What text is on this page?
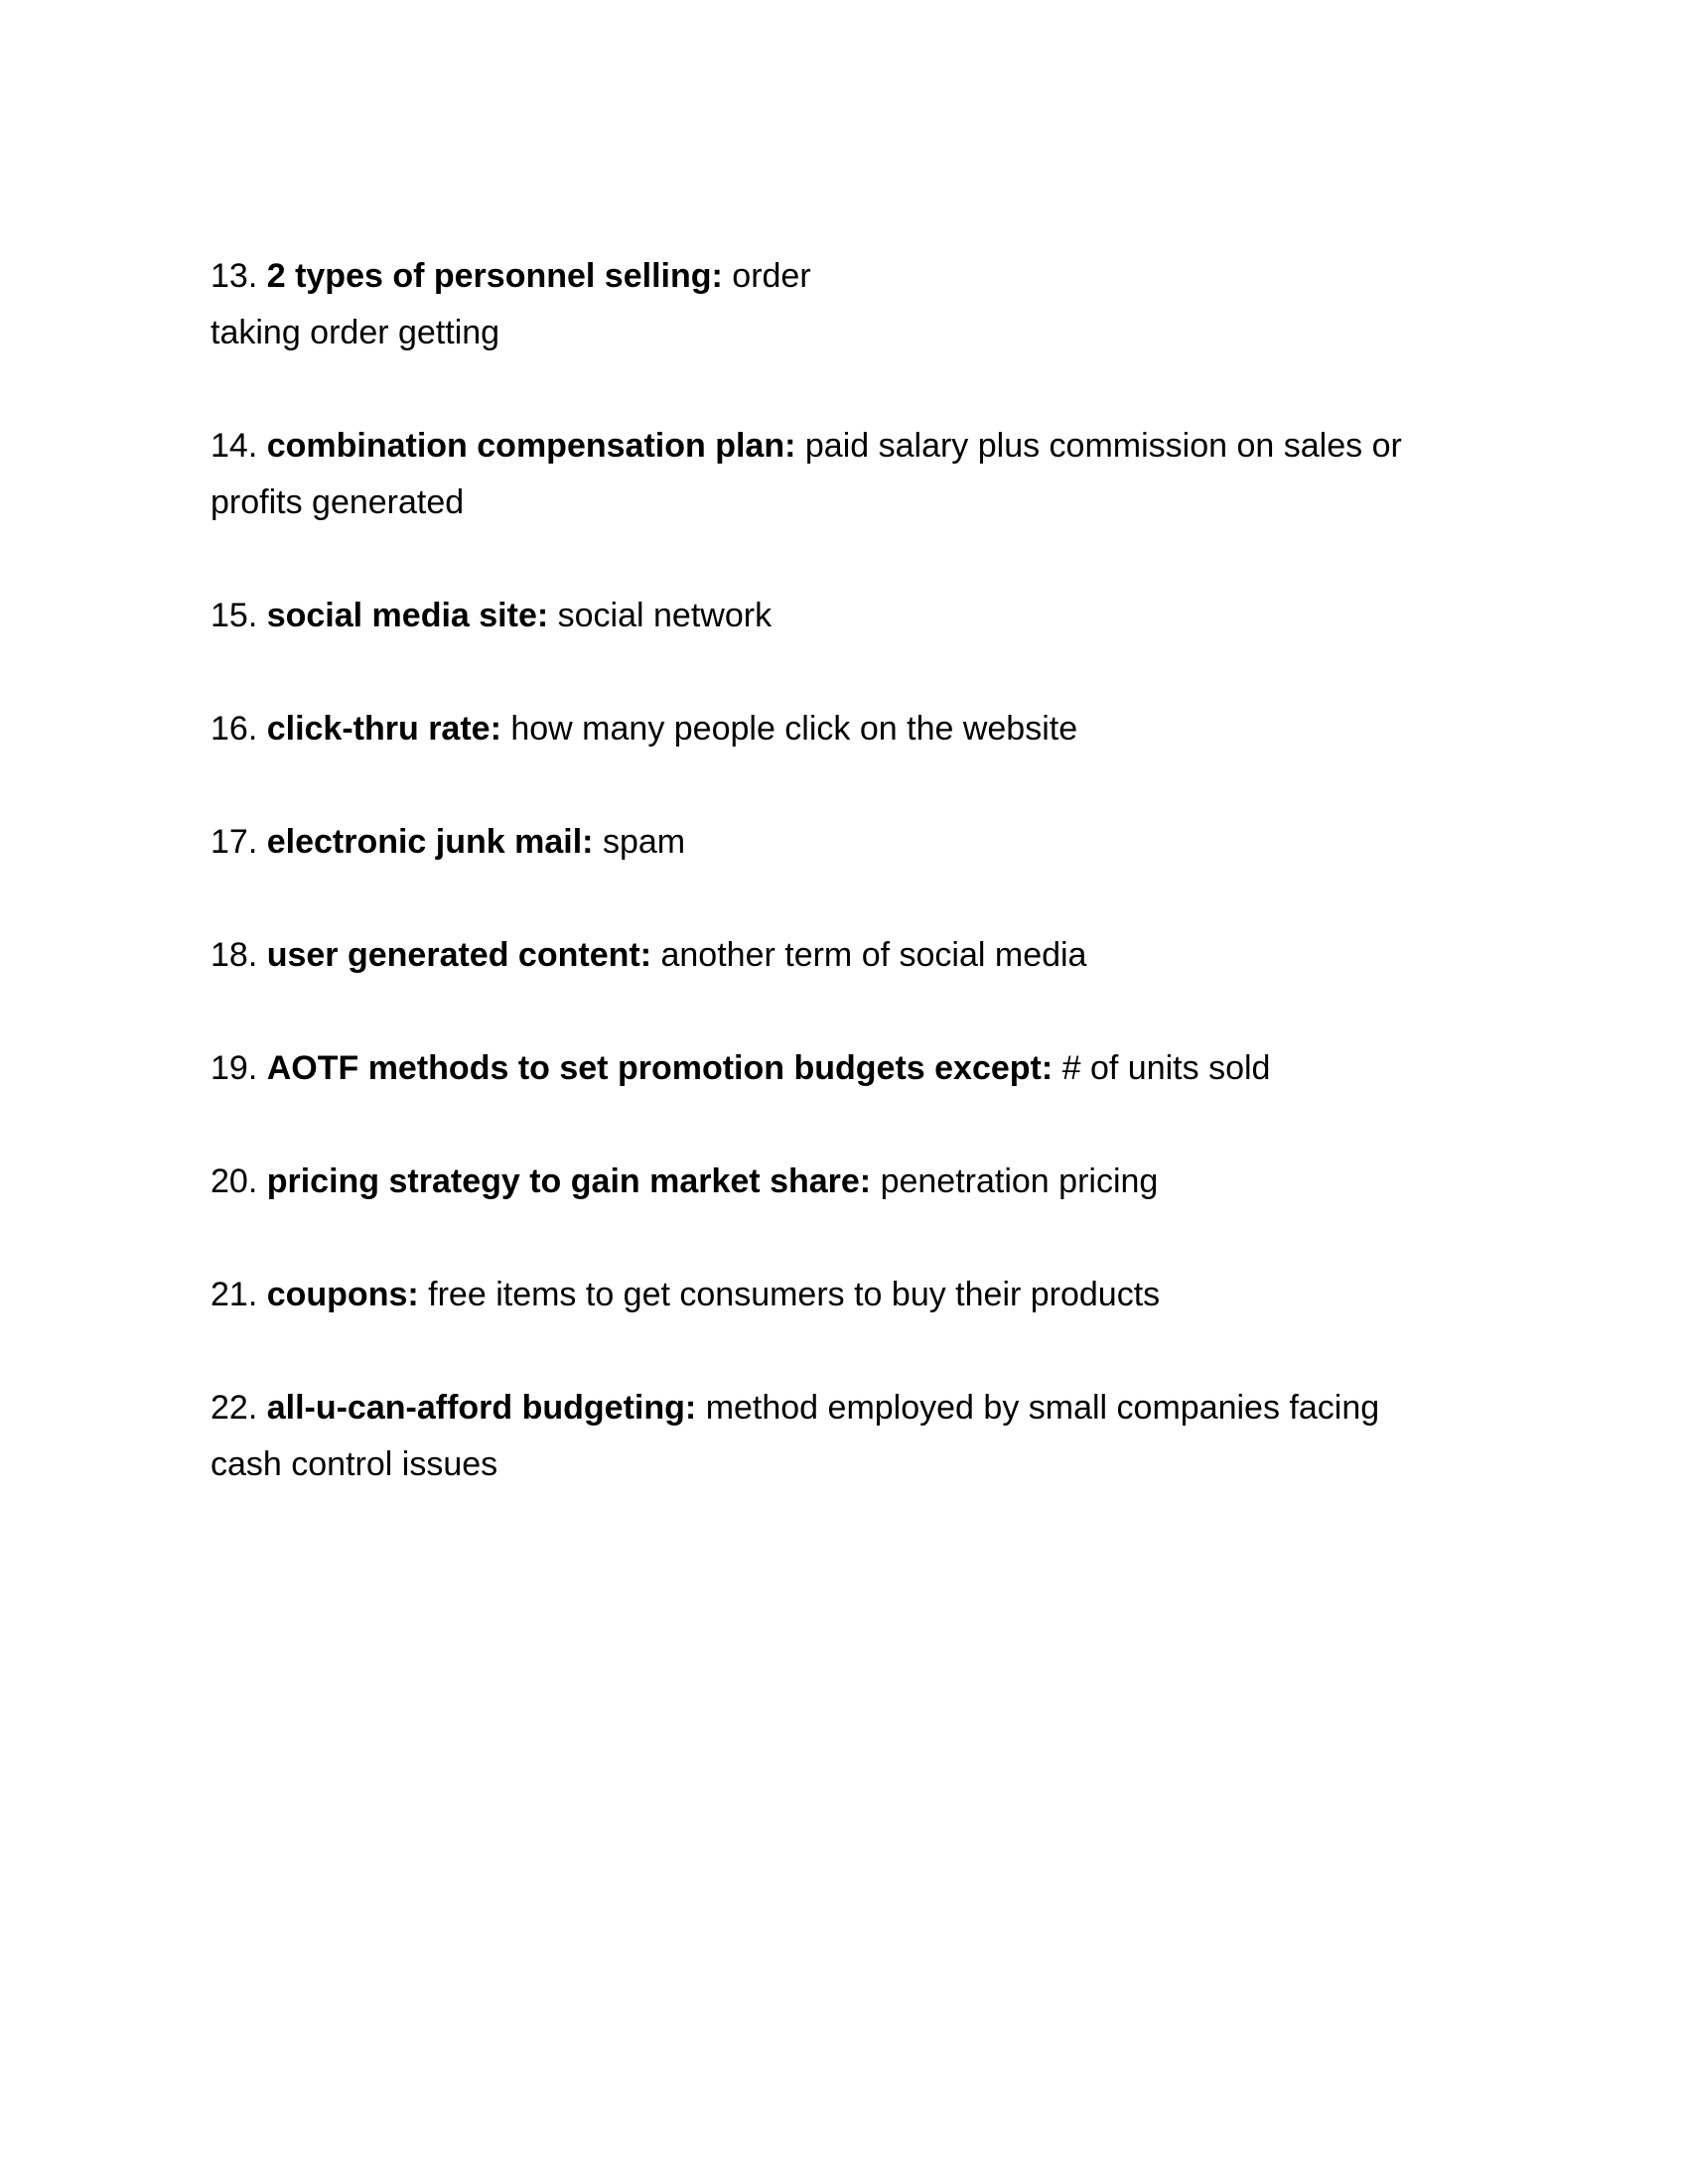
13. 2 types of personnel selling: order
taking order getting
14. combination compensation plan: paid salary plus commission on sales or
profits generated
15. social media site: social network
16. click-thru rate: how many people click on the website
17. electronic junk mail: spam
18. user generated content: another term of social media
19. AOTF methods to set promotion budgets except: # of units sold
20. pricing strategy to gain market share: penetration pricing
21. coupons: free items to get consumers to buy their products
22. all-u-can-afford budgeting: method employed by small companies facing
cash control issues
